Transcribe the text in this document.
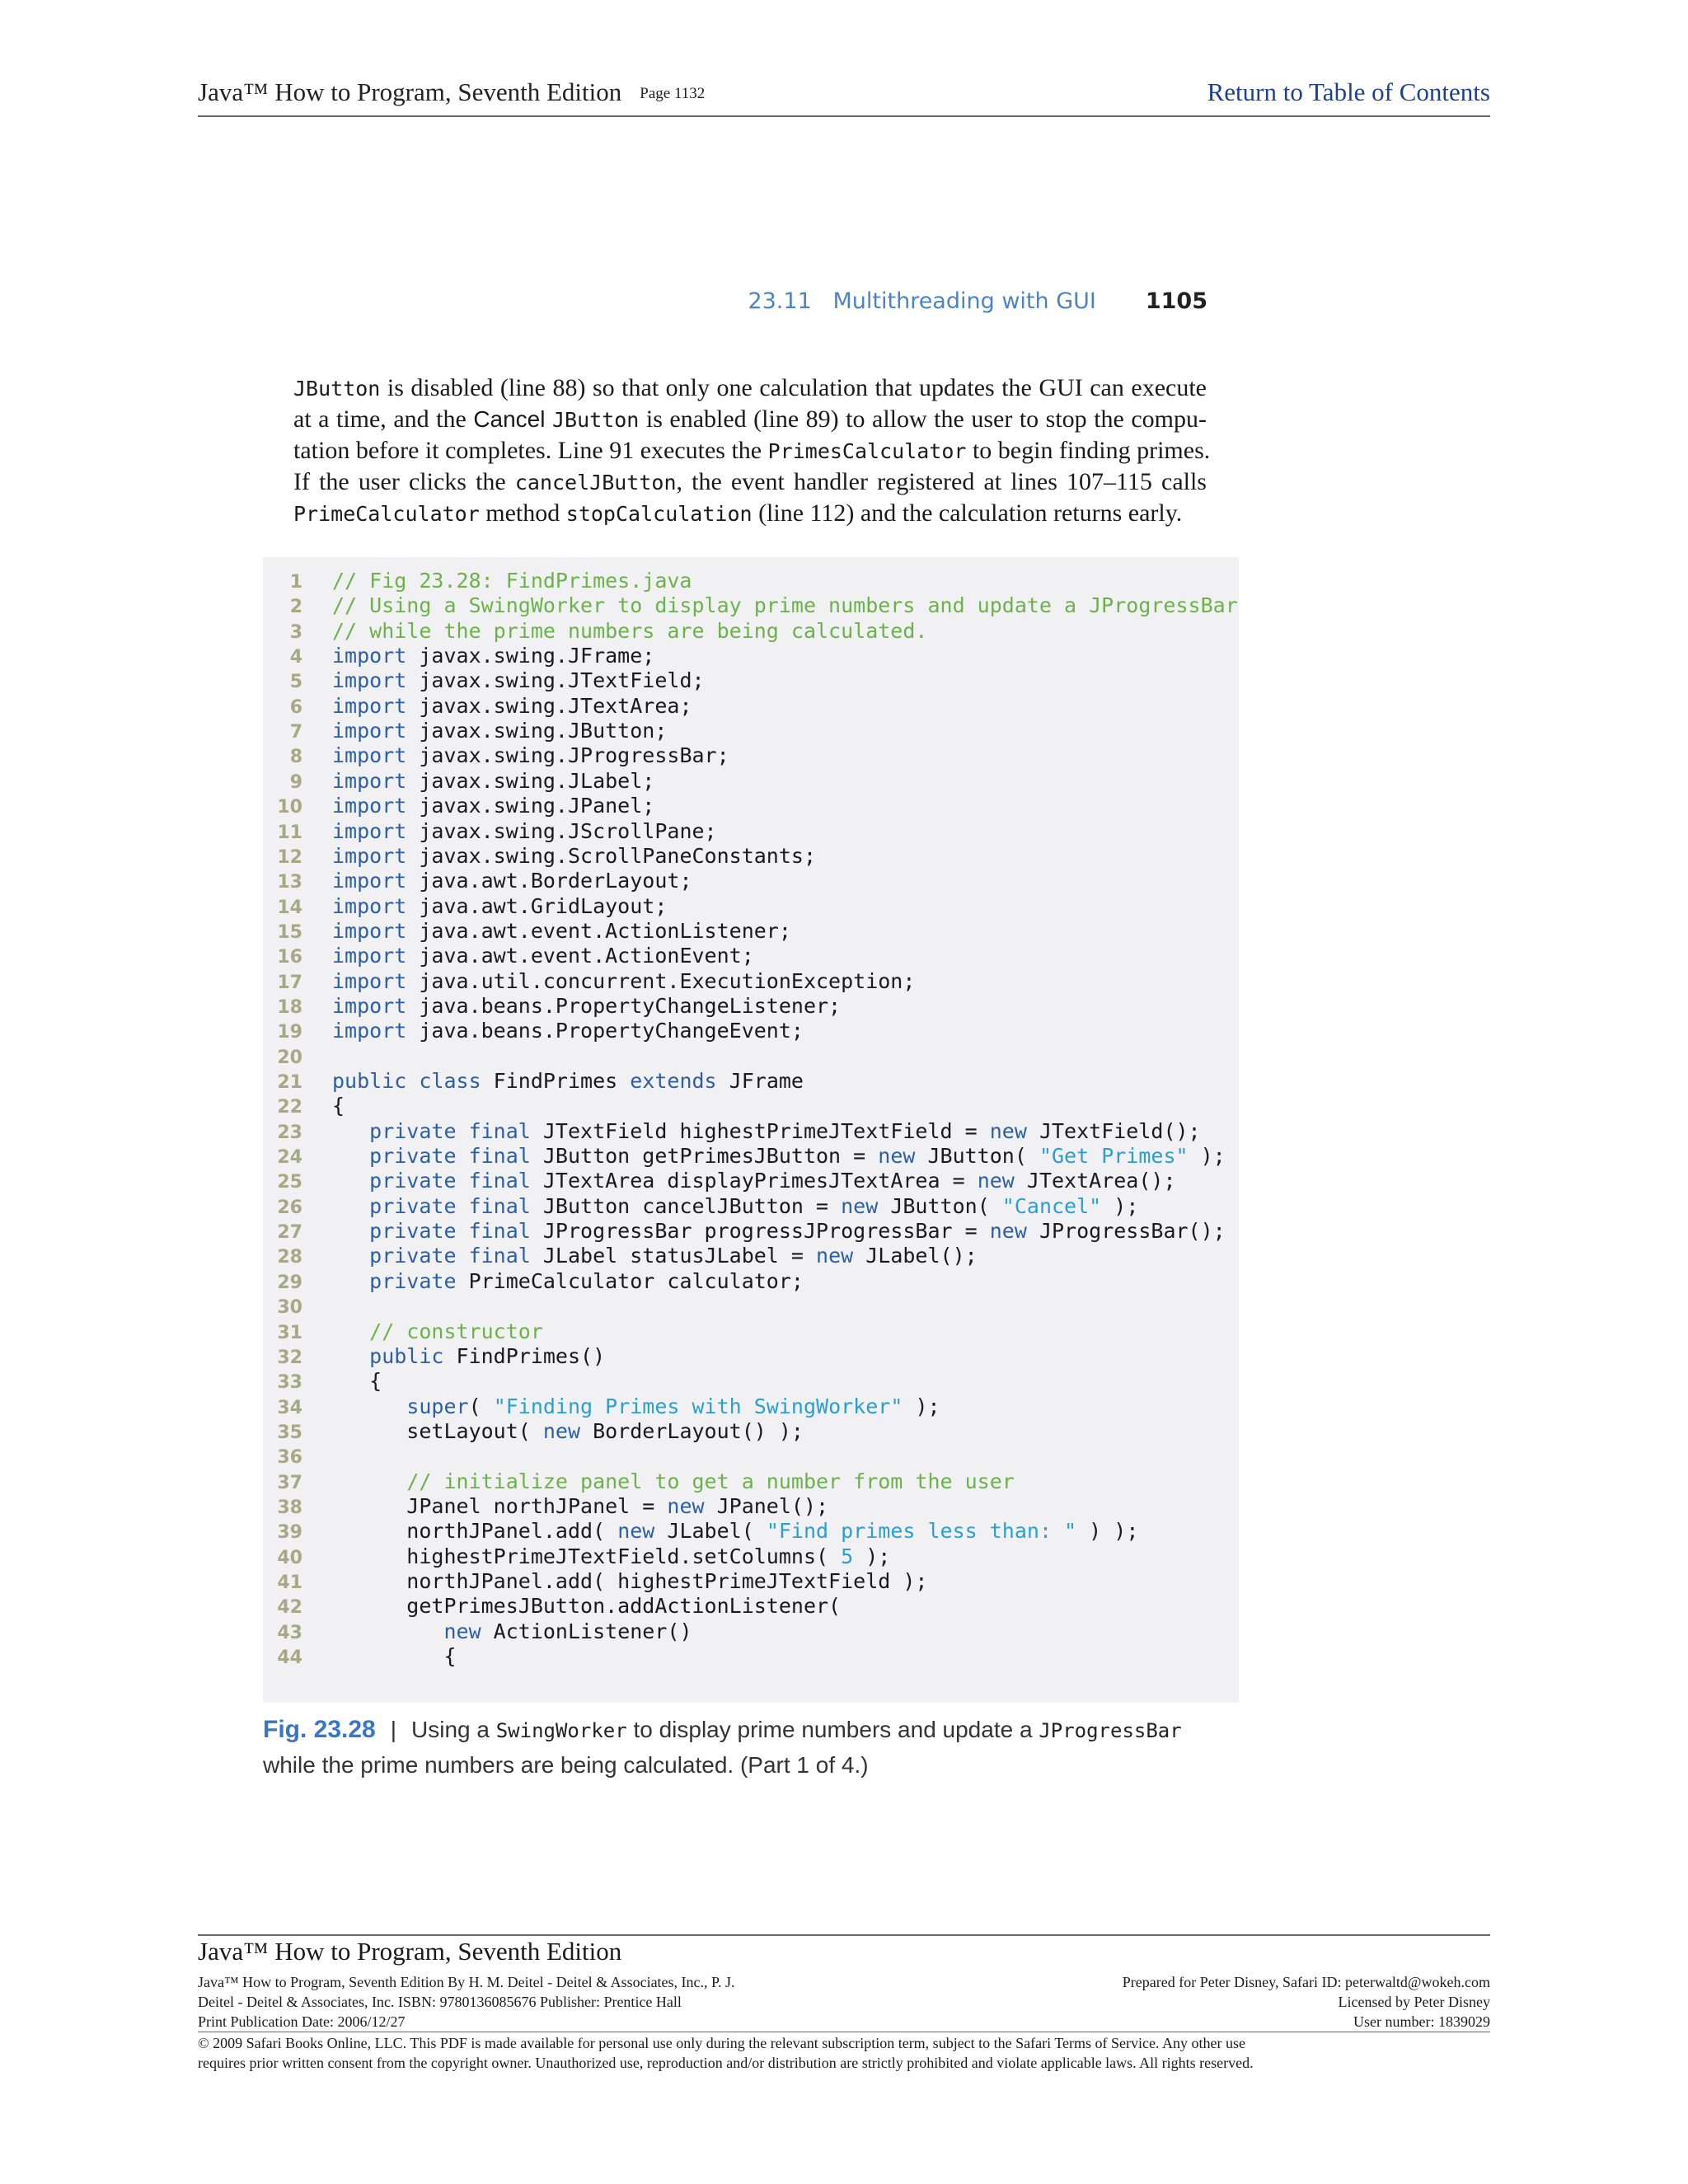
Java™ How to Program, Seventh Edition Page 1132	Return to Table of Contents
23.11   Multithreading with GUI 1105
JButton is disabled (line 88) so that only one calculation that updates the GUI can execute
at a time, and the Cancel JButton is enabled (line 89) to allow the user to stop the compu-
tation before it completes. Line 91 executes the PrimesCalculator to begin finding primes.
If the user clicks the cancelJButton, the event handler registered at lines 107–115 calls
PrimeCalculator method stopCalculation (line 112) and the calculation returns early.
1 // Fig 23.28: FindPrimes.java
2 // Using a SwingWorker to display prime numbers and update a JProgressBar
3 // while the prime numbers are being calculated.
4 import javax.swing.JFrame;
5 import javax.swing.JTextField;
6 import javax.swing.JTextArea;
7 import javax.swing.JButton;
8 import javax.swing.JProgressBar;
9 import javax.swing.JLabel;
10 import javax.swing.JPanel;
11 import javax.swing.JScrollPane;
12 import javax.swing.ScrollPaneConstants;
13 import java.awt.BorderLayout;
14 import java.awt.GridLayout;
15 import java.awt.event.ActionListener;
16 import java.awt.event.ActionEvent;
17 import java.util.concurrent.ExecutionException;
18 import java.beans.PropertyChangeListener;
19 import java.beans.PropertyChangeEvent;
20
21 public class FindPrimes extends JFrame
22 {
23	private final JTextField highestPrimeJTextField = new JTextField();
24	private final JButton getPrimesJButton = new JButton( "Get Primes" );
25	private final JTextArea displayPrimesJTextArea = new JTextArea();
26	private final JButton cancelJButton = new JButton( "Cancel" );
27	private final JProgressBar progressJProgressBar = new JProgressBar();
28	private final JLabel statusJLabel = new JLabel();
29	private PrimeCalculator calculator;
30
31	// constructor
32	public FindPrimes()
33 {
34	super( "Finding Primes with SwingWorker" );
35 setLayout( new BorderLayout() );
36
37	// initialize panel to get a number from the user
38 JPanel northJPanel = new JPanel();
39 northJPanel.add( new JLabel( "Find primes less than: " ) );
40 highestPrimeJTextField.setColumns( 5 );
41 northJPanel.add( highestPrimeJTextField );
42 getPrimesJButton.addActionListener(
43	new ActionListener()
44 {
Fig. 23.28 | Using a SwingWorker to display prime numbers and update a JProgressBar
while the prime numbers are being calculated. (Part 1 of 4.)
Java™ How to Program, Seventh Edition
Java™ How to Program, Seventh Edition By H. M. Deitel - Deitel & Associates, Inc., P. J.
Deitel - Deitel & Associates, Inc. ISBN: 9780136085676 Publisher: Prentice Hall
Print Publication Date: 2006/12/27
Prepared for Peter Disney, Safari ID: peterwaltd@wokeh.com
Licensed by Peter Disney
User number: 1839029
© 2009 Safari Books Online, LLC. This PDF is made available for personal use only during the relevant subscription term, subject to the Safari Terms of Service. Any other use
requires prior written consent from the copyright owner. Unauthorized use, reproduction and/or distribution are strictly prohibited and violate applicable laws. All rights reserved.
